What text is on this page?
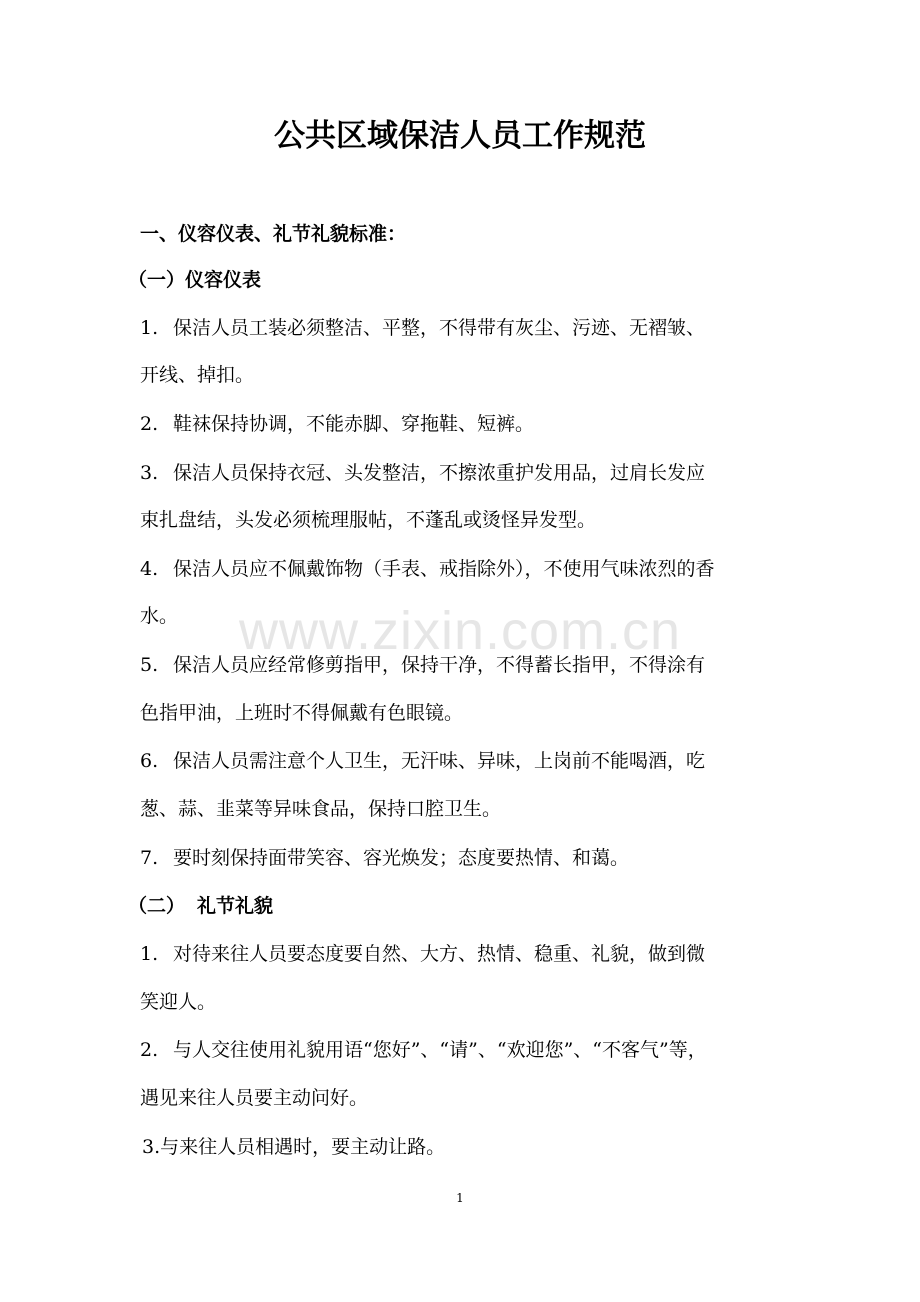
www.zixin.com.cn
公共区域保洁人员工作规范
一、仪容仪表、礼节礼貌标准：
（一）仪容仪表
1. 保洁人员工装必须整洁、平整，不得带有灰尘、污迹、无褶皱、
开线、掉扣。
2. 鞋袜保持协调，不能赤脚、穿拖鞋、短裤。
3. 保洁人员保持衣冠、头发整洁，不擦浓重护发用品，过肩长发应
束扎盘结，头发必须梳理服帖，不蓬乱或烫怪异发型。
4. 保洁人员应不佩戴饰物（手表、戒指除外），不使用气味浓烈的香
水。
5. 保洁人员应经常修剪指甲，保持干净，不得蓄长指甲，不得涂有
色指甲油，上班时不得佩戴有色眼镜。
6. 保洁人员需注意个人卫生，无汗味、异味，上岗前不能喝酒，吃
葱、蒜、韭菜等异味食品，保持口腔卫生。
7. 要时刻保持面带笑容、容光焕发；态度要热情、和蔼。
（二） 礼节礼貌
1. 对待来往人员要态度要自然、大方、热情、稳重、礼貌，做到微
笑迎人。
2. 与人交往使用礼貌用语“您好”、“请”、“欢迎您”、“不客气”等，
遇见来往人员要主动问好。
3.与来往人员相遇时，要主动让路。
1
